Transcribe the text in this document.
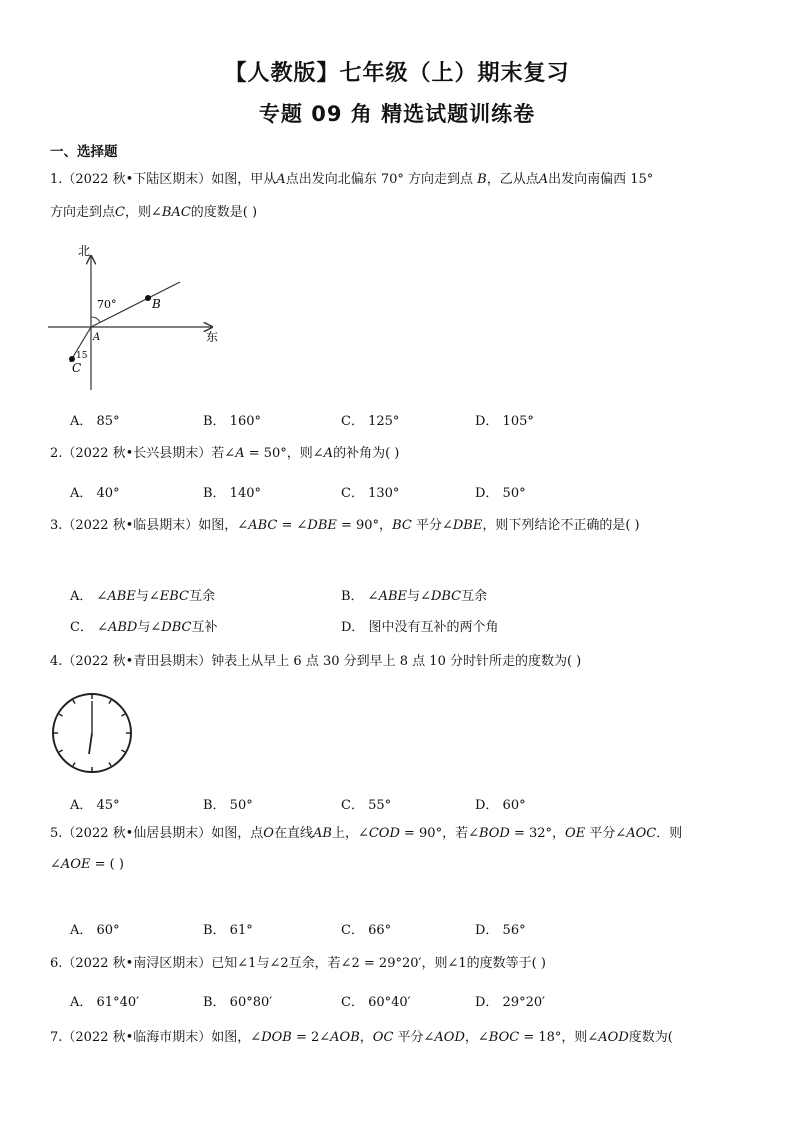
【人教版】七年级（上）期末复习
专题 09 角 精选试题训练卷
一、选择题
1.（2022 秋•下陆区期末）如图，甲从A点出发向北偏东 70° 方向走到点 B，乙从点A出发向南偏西 15°
方向走到点C，则∠BAC的度数是( )
北
东
70°
15
A
B
C
A． 85°	B． 160°	C． 125°	D． 105°
2.（2022 秋•长兴县期末）若∠A = 50°，则∠A的补角为( )
A． 40°	B． 140°	C． 130°	D． 50°
3.（2022 秋•临县期末）如图，∠ABC = ∠DBE = 90°，BC 平分∠DBE，则下列结论不正确的是( )
A． ∠ABE与∠EBC互余	B． ∠ABE与∠DBC互余
C． ∠ABD与∠DBC互补	D． 图中没有互补的两个角
4.（2022 秋•青田县期末）钟表上从早上 6 点 30 分到早上 8 点 10 分时针所走的度数为( )
A． 45°	B． 50°	C． 55°	D． 60°
5.（2022 秋•仙居县期末）如图，点O在直线AB上，∠COD = 90°，若∠BOD = 32°，OE 平分∠AOC．则
∠AOE = ( )
A． 60°	B． 61°	C． 66°	D． 56°
6.（2022 秋•南浔区期末）已知∠1与∠2互余，若∠2 = 29°20′，则∠1的度数等于( )
A． 61°40′	B． 60°80′	C． 60°40′	D． 29°20′
7.（2022 秋•临海市期末）如图，∠DOB = 2∠AOB，OC 平分∠AOD，∠BOC = 18°，则∠AOD度数为(
